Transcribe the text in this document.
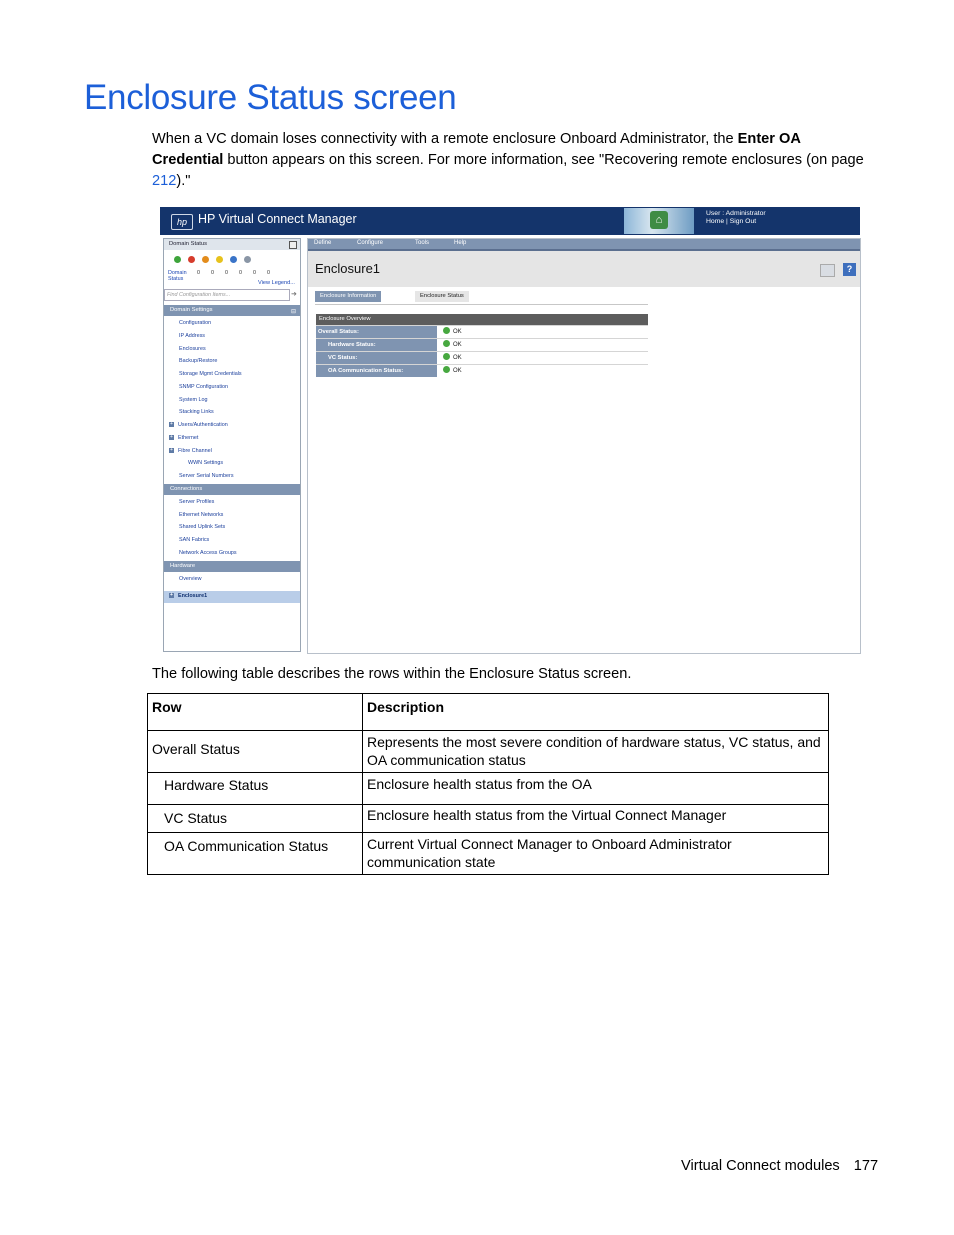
Enclosure Status screen
When a VC domain loses connectivity with a remote enclosure Onboard Administrator, the Enter OA Credential button appears on this screen. For more information, see "Recovering remote enclosures (on page 212)."
hp HP Virtual Connect Manager	⌂
User : Administrator
Home | Sign Out
Domain Status
Domain Status
0 0 0 0 0 0
View Legend...
Find Configuration Items...	➜
Domain Settings	⊟
Configuration
IP Address
Enclosures
Backup/Restore
Storage Mgmt Credentials
SNMP Configuration
System Log
Stacking Links
+ Users/Authentication
+ Ethernet
+ Fibre Channel
WWN Settings
Server Serial Numbers
Connections
Server Profiles
Ethernet Networks
Shared Uplink Sets
SAN Fabrics
Network Access Groups
Hardware
Overview
+ Enclosure1
Define	Configure	Tools	Help
Enclosure1	?
Enclosure Information	Enclosure Status
Enclosure Overview
Overall Status:	OK
Hardware Status:	OK
VC Status:	OK
OA Communication Status:	OK
The following table describes the rows within the Enclosure Status screen.
Row	Description
Overall Status	Represents the most severe condition of hardware status, VC status, and OA communication status
Hardware Status	Enclosure health status from the OA
VC Status	Enclosure health status from the Virtual Connect Manager
OA Communication Status	Current Virtual Connect Manager to Onboard Administrator communication state
Virtual Connect modules 177
